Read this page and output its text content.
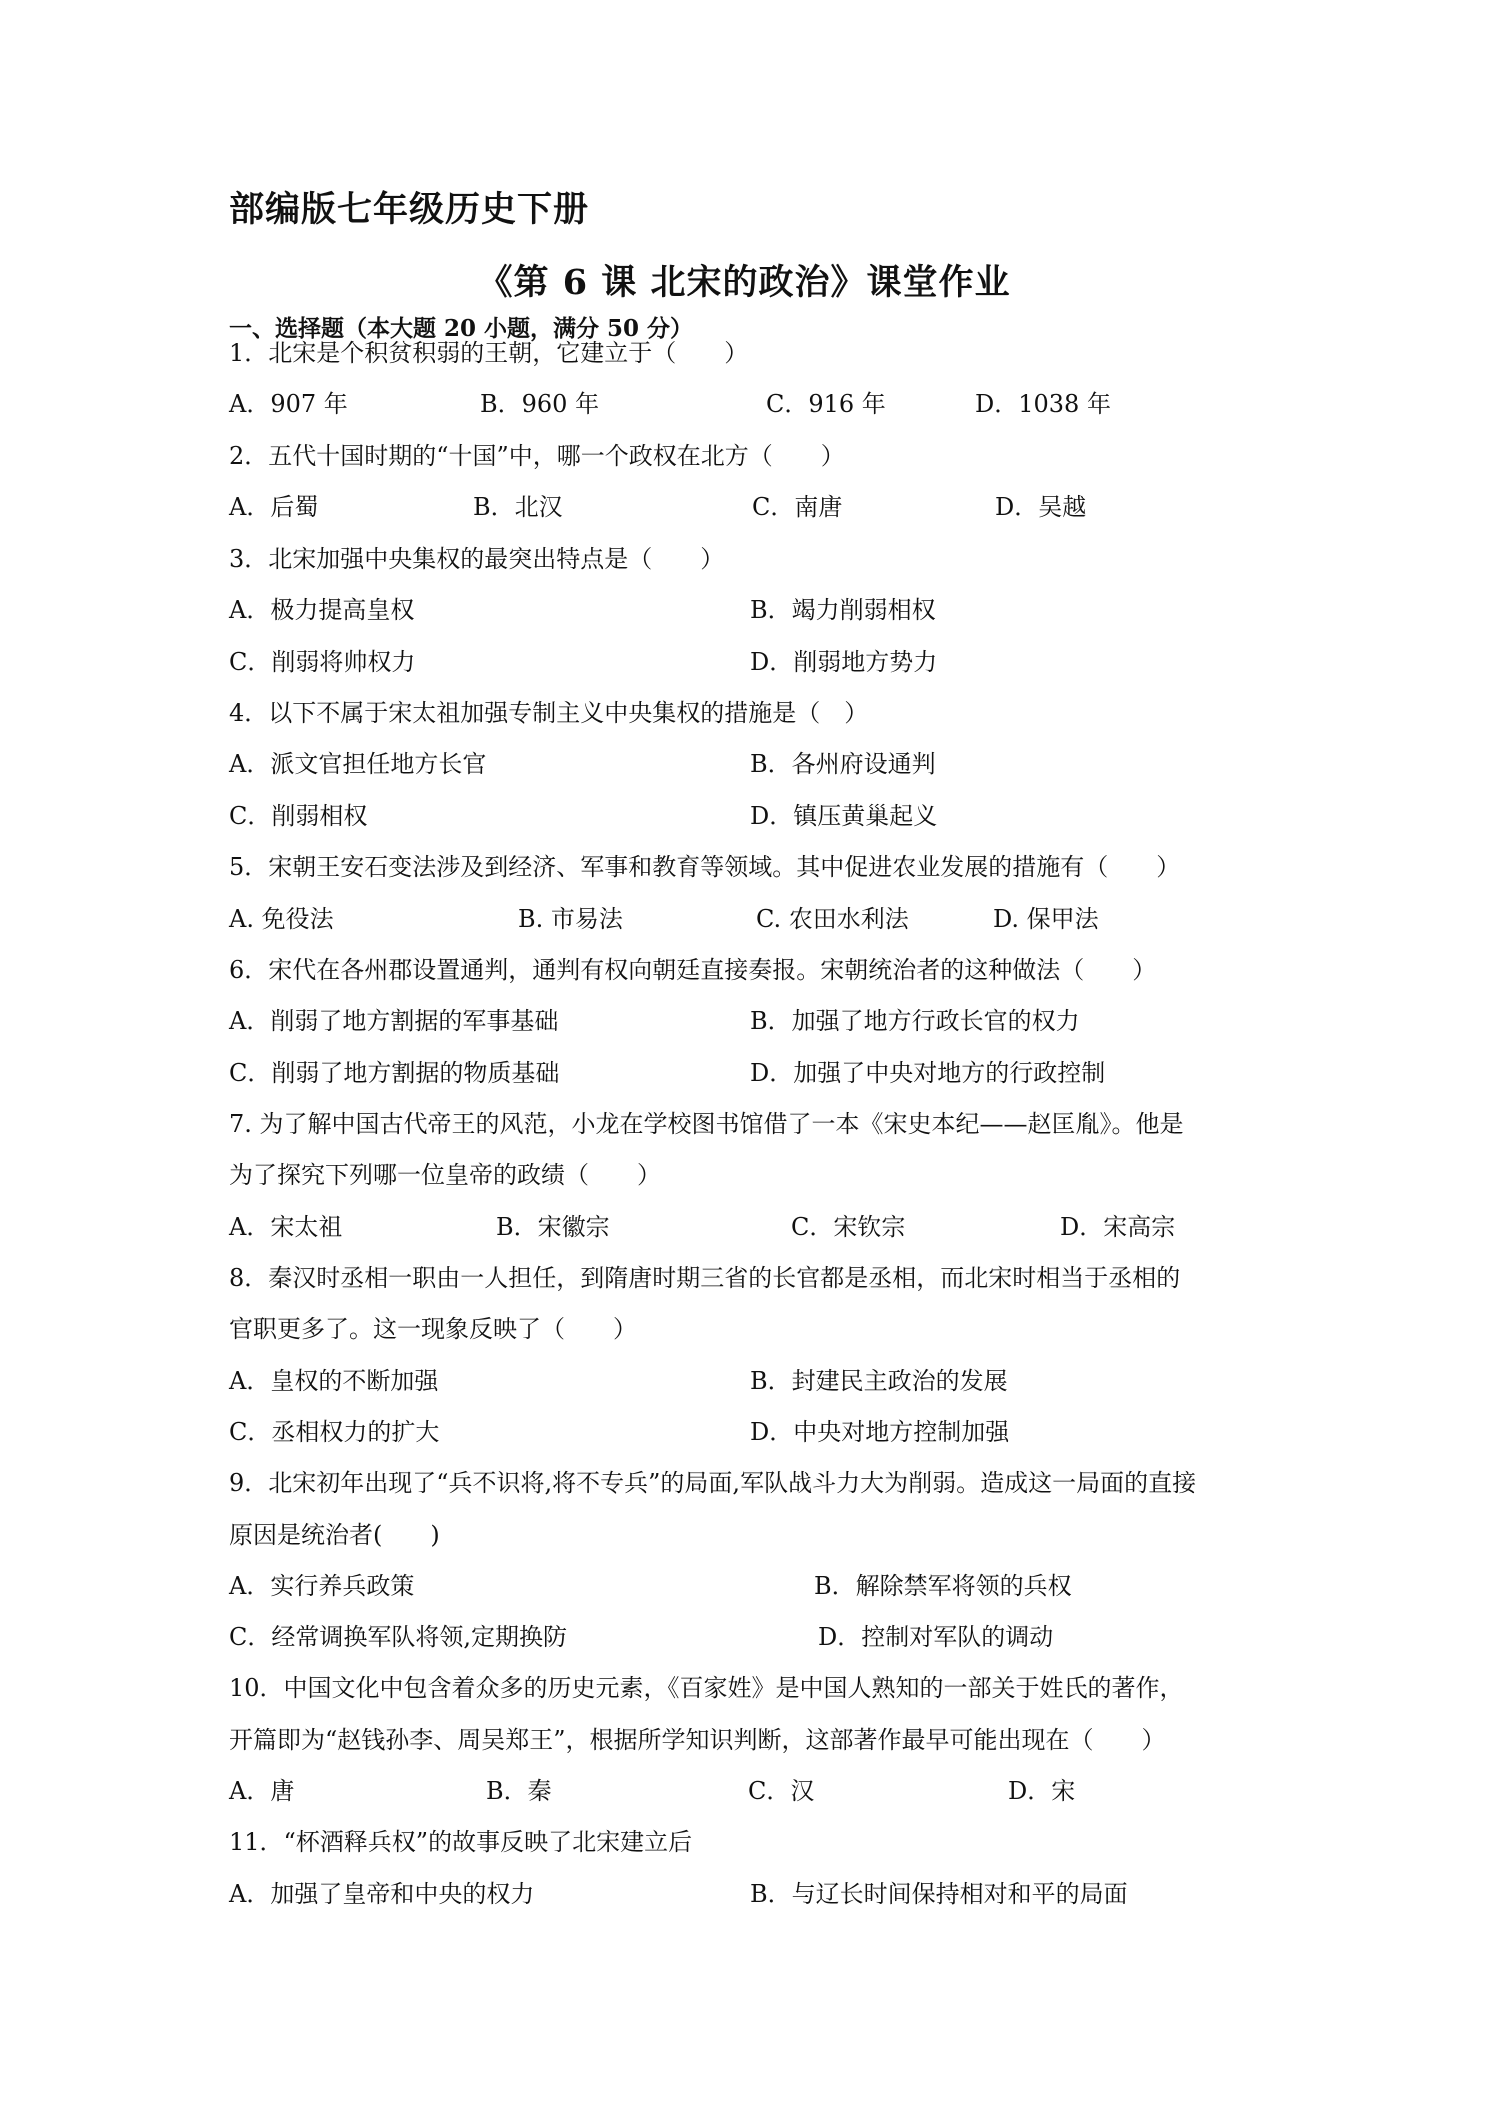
部编版七年级历史下册
《第 6 课 北宋的政治》课堂作业
一、选择题（本大题 20 小题，满分 50 分）
1．北宋是个积贫积弱的王朝，它建立于（　　）
A．907 年	B．960 年	C．916 年	D．1038 年
2．五代十国时期的“十国”中，哪一个政权在北方（　　）
A．后蜀	B．北汉	C．南唐	D．吴越
3．北宋加强中央集权的最突出特点是（　　）
A．极力提高皇权	B．竭力削弱相权
C．削弱将帅权力	D．削弱地方势力
4．以下不属于宋太祖加强专制主义中央集权的措施是（　）
A．派文官担任地方长官	B．各州府设通判
C．削弱相权	D．镇压黄巢起义
5．宋朝王安石变法涉及到经济、军事和教育等领域。其中促进农业发展的措施有（　　）
A. 免役法	B. 市易法	C. 农田水利法	D. 保甲法
6．宋代在各州郡设置通判，通判有权向朝廷直接奏报。宋朝统治者的这种做法（　　）
A．削弱了地方割据的军事基础	B．加强了地方行政长官的权力
C．削弱了地方割据的物质基础	D．加强了中央对地方的行政控制
7. 为了解中国古代帝王的风范，小龙在学校图书馆借了一本《宋史本纪——赵匡胤》。他是
为了探究下列哪一位皇帝的政绩（　　）
A．宋太祖	B．宋徽宗	C．宋钦宗	D．宋高宗
8．秦汉时丞相一职由一人担任，到隋唐时期三省的长官都是丞相，而北宋时相当于丞相的
官职更多了。这一现象反映了（　　）
A．皇权的不断加强	B．封建民主政治的发展
C．丞相权力的扩大	D．中央对地方控制加强
9．北宋初年出现了“兵不识将,将不专兵”的局面,军队战斗力大为削弱。造成这一局面的直接
原因是统治者(　　)
A．实行养兵政策	B．解除禁军将领的兵权
C．经常调换军队将领,定期换防	D．控制对军队的调动
10．中国文化中包含着众多的历史元素，《百家姓》是中国人熟知的一部关于姓氏的著作，
开篇即为“赵钱孙李、周吴郑王”，根据所学知识判断，这部著作最早可能出现在（　　）
A．唐	B．秦	C．汉	D．宋
11．“杯酒释兵权”的故事反映了北宋建立后
A．加强了皇帝和中央的权力	B．与辽长时间保持相对和平的局面
